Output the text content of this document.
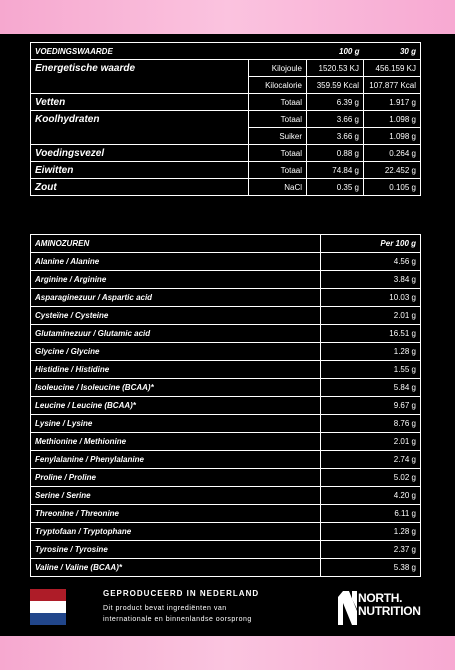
VOEDINGSWAARDE		100 g	30 g
Energetische waarde	Kilojoule	1520.53 KJ	456.159 KJ
	Kilocalorie	359.59 Kcal	107.877 Kcal
Vetten	Totaal	6.39 g	1.917 g
Koolhydraten	Totaal	3.66 g	1.098 g
	Suiker	3.66 g	1.098 g
Voedingsvezel	Totaal	0.88 g	0.264 g
Eiwitten	Totaal	74.84 g	22.452 g
Zout	NaCl	0.35 g	0.105 g
AMINOZUREN	Per 100 g
Alanine / Alanine	4.56 g
Arginine / Arginine	3.84 g
Asparaginezuur / Aspartic acid	10.03 g
Cysteïne / Cysteine	2.01 g
Glutaminezuur / Glutamic acid	16.51 g
Glycine / Glycine	1.28 g
Histidine / Histidine	1.55 g
Isoleucine / Isoleucine (BCAA)*	5.84 g
Leucine / Leucine (BCAA)*	9.67 g
Lysine / Lysine	8.76 g
Methionine / Methionine	2.01 g
Fenylalanine / Phenylalanine	2.74 g
Proline / Proline	5.02 g
Serine / Serine	4.20 g
Threonine / Threonine	6.11 g
Tryptofaan / Tryptophane	1.28 g
Tyrosine / Tyrosine	2.37 g
Valine / Valine (BCAA)*	5.38 g
GEPRODUCEERD IN NEDERLAND
Dit product bevat ingrediënten van
internationale en binnenlandse oorsprong
NORTH.
NUTRITION
